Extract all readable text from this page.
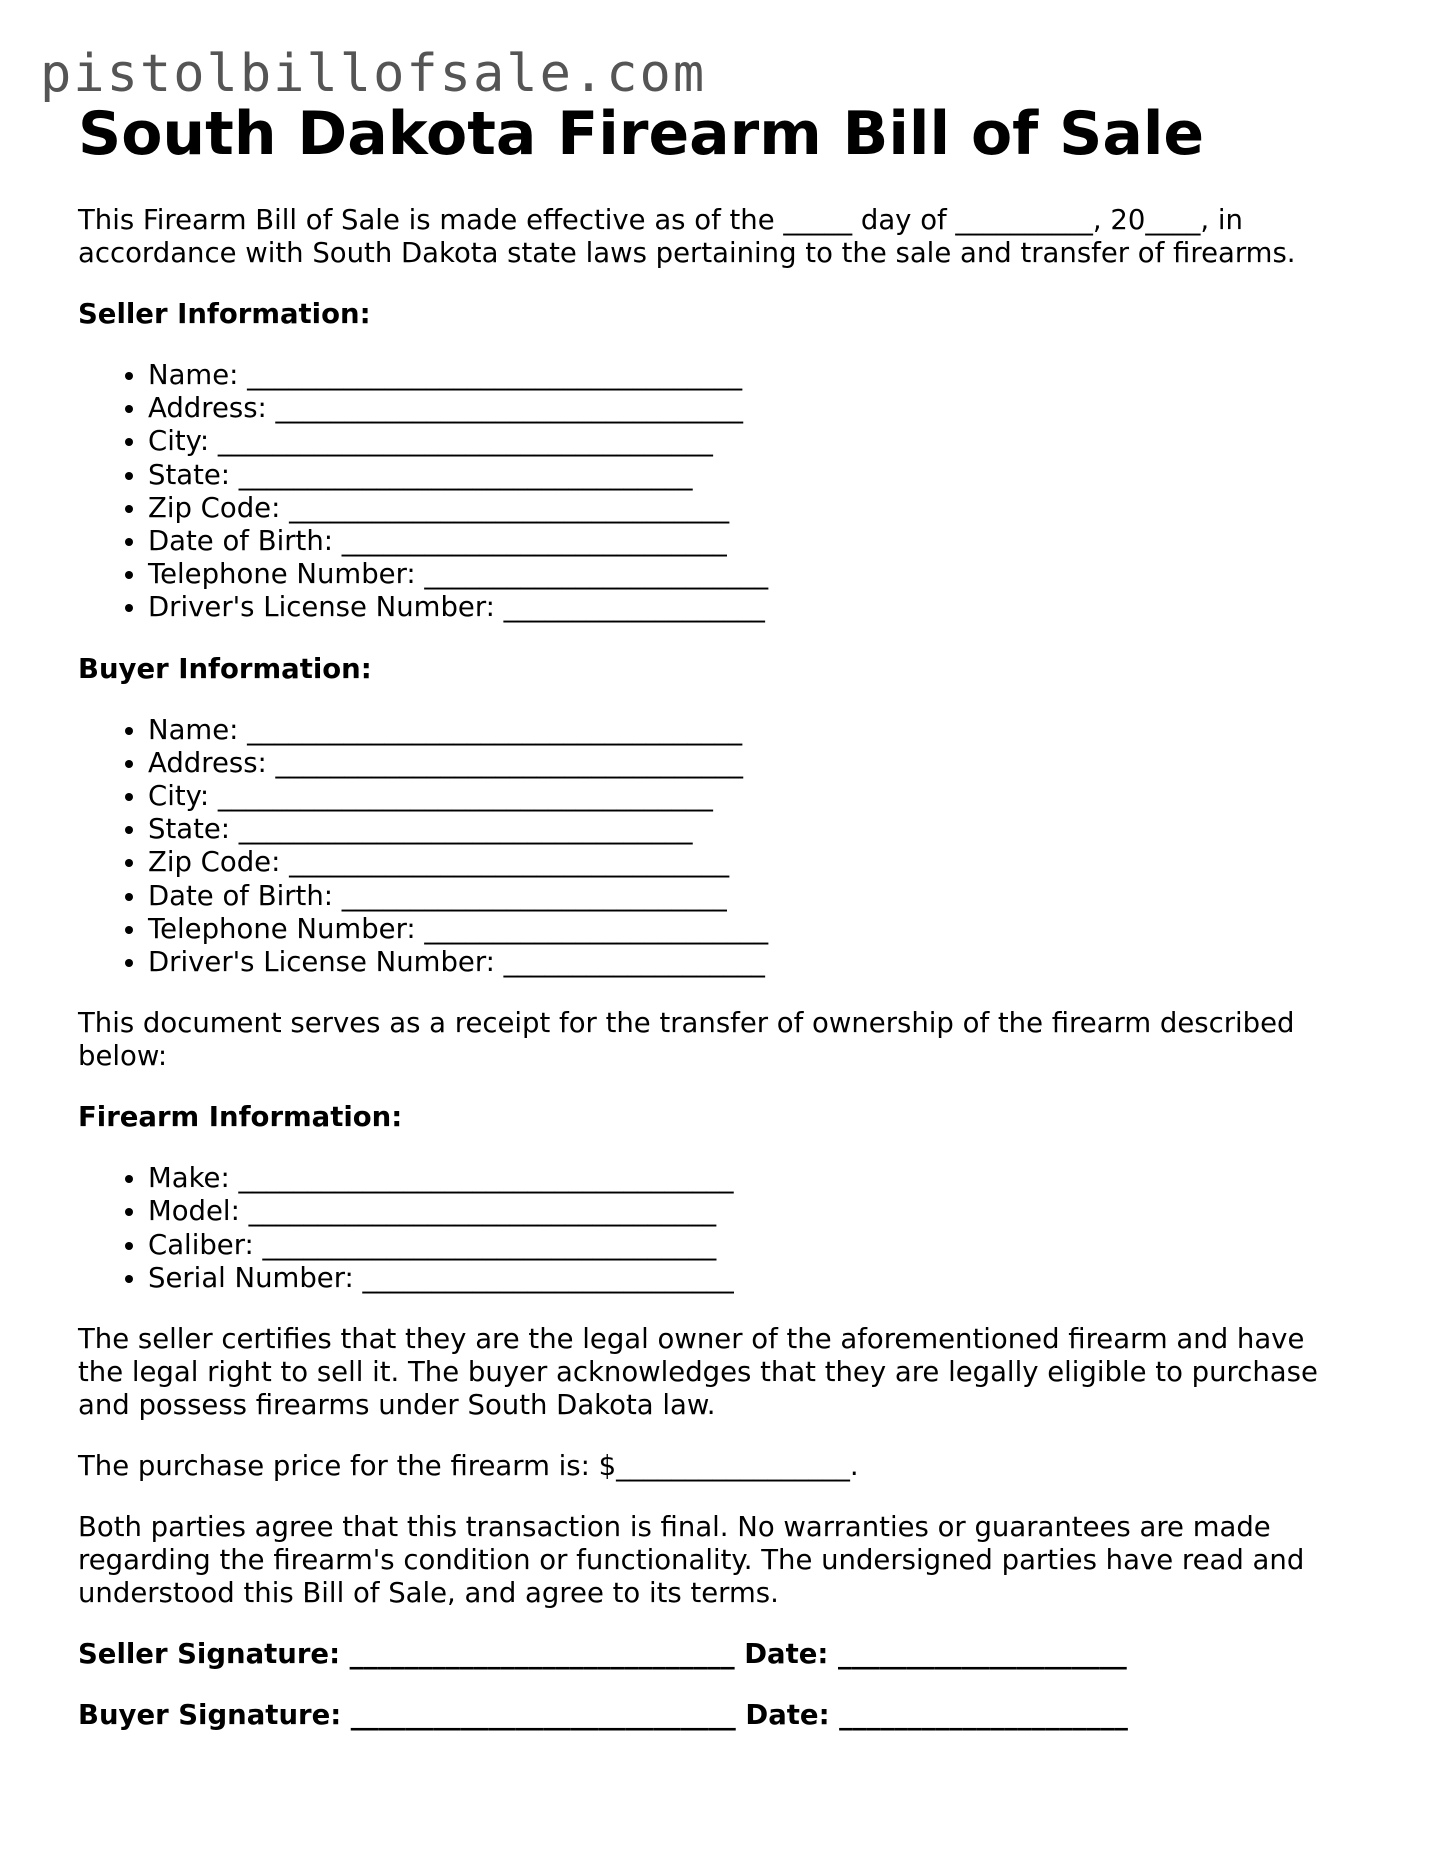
pistolbillofsale.com
South Dakota Firearm Bill of Sale

This Firearm Bill of Sale is made effective as of the _____ day of __________, 20____, in accordance with South Dakota state laws pertaining to the sale and transfer of firearms.

Seller Information:

• Name: ____________________________________
• Address: __________________________________
• City: ____________________________________
• State: _________________________________
• Zip Code: ________________________________
• Date of Birth: ____________________________
• Telephone Number: _________________________
• Driver's License Number: ___________________

Buyer Information:

• Name: ____________________________________
• Address: __________________________________
• City: ____________________________________
• State: _________________________________
• Zip Code: ________________________________
• Date of Birth: ____________________________
• Telephone Number: _________________________
• Driver's License Number: ___________________

This document serves as a receipt for the transfer of ownership of the firearm described below:

Firearm Information:

• Make: ____________________________________
• Model: __________________________________
• Caliber: _________________________________
• Serial Number: ___________________________

The seller certifies that they are the legal owner of the aforementioned firearm and have the legal right to sell it. The buyer acknowledges that they are legally eligible to purchase and possess firearms under South Dakota law.

The purchase price for the firearm is: $_________________.

Both parties agree that this transaction is final. No warranties or guarantees are made regarding the firearm's condition or functionality. The undersigned parties have read and understood this Bill of Sale, and agree to its terms.

Seller Signature: ____________________________ Date: _____________________

Buyer Signature: ____________________________ Date: _____________________
